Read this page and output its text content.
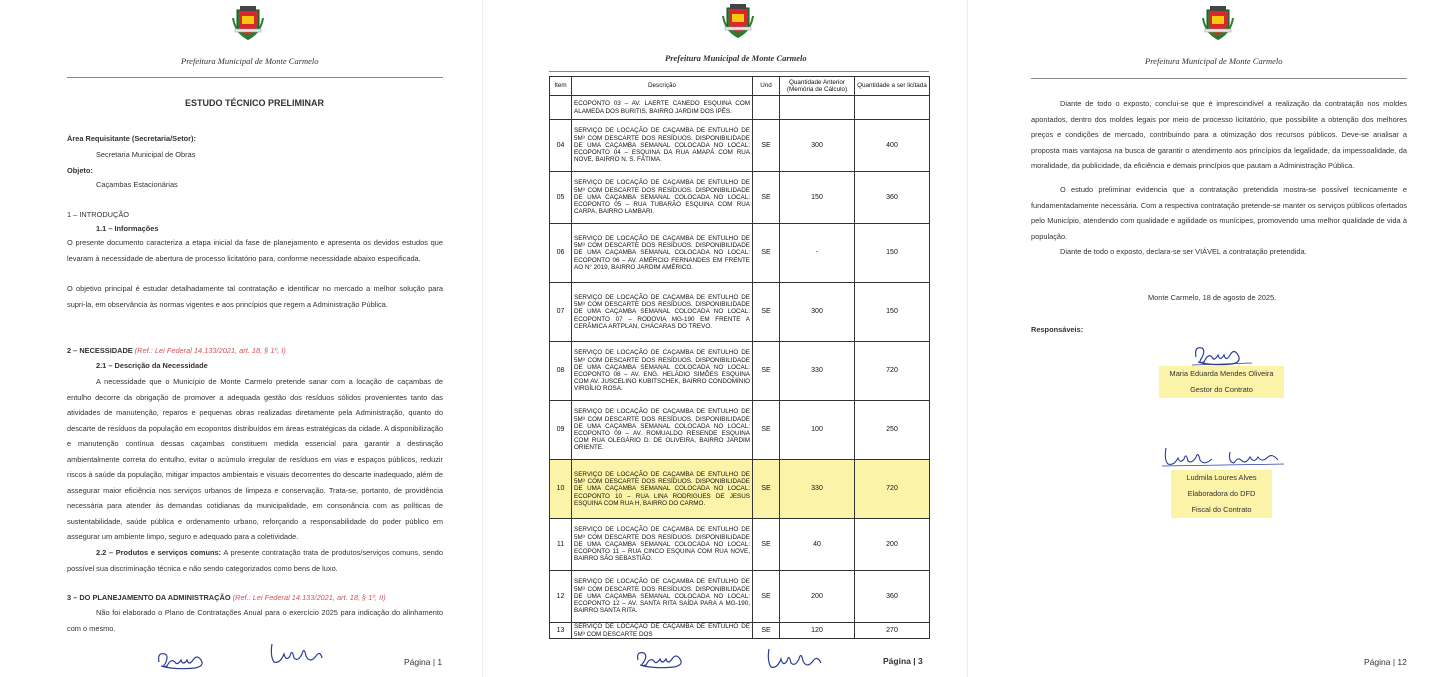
Prefeitura Municipal de Monte Carmelo
ESTUDO TÉCNICO PRELIMINAR
Área Requisitante (Secretaria/Setor):
Secretaria Municipal de Obras
Objeto:
Caçambas Estacionárias
1 – INTRODUÇÃO
1.1 – Informações
O presente documento caracteriza a etapa inicial da fase de planejamento e apresenta os devidos estudos que levaram à necessidade de abertura de processo licitatório para, conforme necessidade abaixo especificada.
O objetivo principal é estudar detalhadamente tal contratação e identificar no mercado a melhor solução para supri-la, em observância às normas vigentes e aos princípios que regem a Administração Pública.
2 – NECESSIDADE (Ref.: Lei Federal 14.133/2021, art. 18, § 1º, I)
2.1 – Descrição da Necessidade
A necessidade que o Município de Monte Carmelo pretende sanar com a locação de caçambas de entulho decorre da obrigação de promover a adequada gestão dos resíduos sólidos provenientes tanto das atividades de manutenção, reparos e pequenas obras realizadas diretamente pela Administração, quanto do descarte de resíduos da população em ecopontos distribuídos em áreas estratégicas da cidade. A disponibilização e manutenção contínua dessas caçambas constituem medida essencial para garantir a destinação ambientalmente correta do entulho, evitar o acúmulo irregular de resíduos em vias e espaços públicos, reduzir riscos à saúde da população, mitigar impactos ambientais e visuais decorrentes do descarte inadequado, além de assegurar maior eficiência nos serviços urbanos de limpeza e conservação. Trata-se, portanto, de providência necessária para atender às demandas cotidianas da municipalidade, em consonância com as políticas de sustentabilidade, saúde pública e ordenamento urbano, reforçando a responsabilidade do poder público em assegurar um ambiente limpo, seguro e adequado para a coletividade.
2.2 – Produtos e serviços comuns: A presente contratação trata de produtos/serviços comuns, sendo possível sua discriminação técnica e não sendo categorizados como bens de luxo.
3 – DO PLANEJAMENTO DA ADMINISTRAÇÃO (Ref.: Lei Federal 14.133/2021, art. 18, § 1º, II)
Não foi elaborado o Plano de Contratações Anual para o exercício 2025 para indicação do alinhamento com o mesmo.
Página | 1
Prefeitura Municipal de Monte Carmelo
Item	Descrição	Und	Quantidade Anterior (Memória de Cálculo)	Quantidade a ser licitada
	ECOPONTO 03 – AV. LAERTE CANEDO ESQUINA COM ALAMEDA DOS BURITIS, BAIRRO JARDIM DOS IPÊS.			
04	SERVIÇO DE LOCAÇÃO DE CAÇAMBA DE ENTULHO DE 5M³ COM DESCARTE DOS RESÍDUOS. DISPONIBILIDADE DE UMA CAÇAMBA SEMANAL COLOCADA NO LOCAL: ECOPONTO 04 – ESQUINA DA RUA AMAPÁ COM RUA NOVE, BAIRRO N. S. FÁTIMA.	SE	300	400
05	SERVIÇO DE LOCAÇÃO DE CAÇAMBA DE ENTULHO DE 5M³ COM DESCARTE DOS RESÍDUOS. DISPONIBILIDADE DE UMA CAÇAMBA SEMANAL COLOCADA NO LOCAL: ECOPONTO 05 – RUA TUBARÃO ESQUINA COM RUA CARPA, BAIRRO LAMBARI.	SE	150	360
06	SERVIÇO DE LOCAÇÃO DE CAÇAMBA DE ENTULHO DE 5M³ COM DESCARTE DOS RESÍDUOS. DISPONIBILIDADE DE UMA CAÇAMBA SEMANAL COLOCADA NO LOCAL: ECOPONTO 06 – AV. AMÉRCIO FERNANDES EM FRENTE AO N° 2019, BAIRRO JARDIM AMÉRICO.	SE	-	150
07	SERVIÇO DE LOCAÇÃO DE CAÇAMBA DE ENTULHO DE 5M³ COM DESCARTE DOS RESÍDUOS. DISPONIBILIDADE DE UMA CAÇAMBA SEMANAL COLOCADA NO LOCAL: ECOPONTO 07 – RODOVIA MG-190 EM FRENTE A CERÂMICA ARTPLAN, CHÁCARAS DO TREVO.	SE	300	150
08	SERVIÇO DE LOCAÇÃO DE CAÇAMBA DE ENTULHO DE 5M³ COM DESCARTE DOS RESÍDUOS. DISPONIBILIDADE DE UMA CAÇAMBA SEMANAL COLOCADA NO LOCAL: ECOPONTO 08 – AV. ENG. HELÁDIO SIMÕES ESQUINA COM AV. JUSCELINO KUBITSCHEK, BAIRRO CONDOMÍNIO VIRGÍLIO ROSA.	SE	330	720
09	SERVIÇO DE LOCAÇÃO DE CAÇAMBA DE ENTULHO DE 5M³ COM DESCARTE DOS RESÍDUOS. DISPONIBILIDADE DE UMA CAÇAMBA SEMANAL COLOCADA NO LOCAL: ECOPONTO 09 – AV. ROMUALDO RESENDE ESQUINA COM RUA OLEGÁRIO D. DE OLIVEIRA, BAIRRO JARDIM ORIENTE.	SE	100	250
10	SERVIÇO DE LOCAÇÃO DE CAÇAMBA DE ENTULHO DE 5M³ COM DESCARTE DOS RESÍDUOS. DISPONIBILIDADE DE UMA CAÇAMBA SEMANAL COLOCADA NO LOCAL: ECOPONTO 10 – RUA LINA RODRIGUES DE JESUS ESQUINA COM RUA H, BAIRRO DO CARMO.	SE	330	720
11	SERVIÇO DE LOCAÇÃO DE CAÇAMBA DE ENTULHO DE 5M³ COM DESCARTE DOS RESÍDUOS. DISPONIBILIDADE DE UMA CAÇAMBA SEMANAL COLOCADA NO LOCAL: ECOPONTO 11 – RUA CINCO ESQUINA COM RUA NOVE, BAIRRO SÃO SEBASTIÃO.	SE	40	200
12	SERVIÇO DE LOCAÇÃO DE CAÇAMBA DE ENTULHO DE 5M³ COM DESCARTE DOS RESÍDUOS. DISPONIBILIDADE DE UMA CAÇAMBA SEMANAL COLOCADA NO LOCAL: ECOPONTO 12 – AV. SANTA RITA SAÍDA PARA A MG-190, BAIRRO SANTA RITA.	SE	200	360
13	SERVIÇO DE LOCAÇÃO DE CAÇAMBA DE ENTULHO DE 5M³ COM DESCARTE DOS	SE	120	270
Página | 3
Prefeitura Municipal de Monte Carmelo
Diante de todo o exposto, conclui-se que é imprescindível a realização da contratação nos moldes apontados, dentro dos moldes legais por meio de processo licitatório, que possibilite a obtenção dos melhores preços e condições de mercado, contribuindo para a otimização dos recursos públicos. Deve-se analisar a proposta mais vantajosa na busca de garantir o atendimento aos princípios da legalidade, da impessoalidade, da moralidade, da publicidade, da eficiência e demais princípios que pautam a Administração Pública.
O estudo preliminar evidencia que a contratação pretendida mostra-se possível tecnicamente e fundamentadamente necessária. Com a respectiva contratação pretende-se manter os serviços públicos ofertados pelo Município, atendendo com qualidade e agilidade os munícipes, promovendo uma melhor qualidade de vida à população.
Diante de todo o exposto, declara-se ser VIÁVEL a contratação pretendida.
Monte Carmelo, 18 de agosto de 2025.
Responsáveis:
Maria Eduarda Mendes Oliveira
Gestor do Contrato
Ludmila Loures Alves
Elaboradora do DFD
Fiscal do Contrato
Página | 12
